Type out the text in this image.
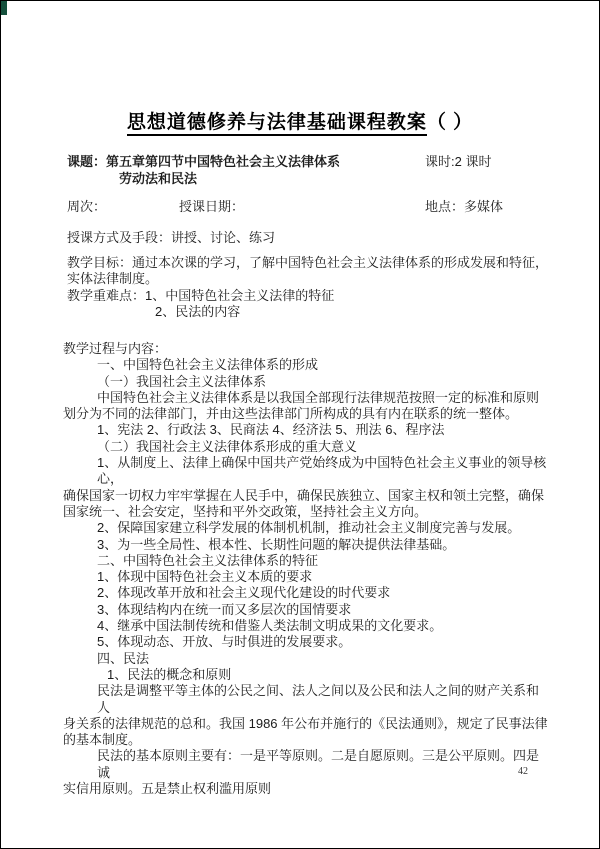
思想道德修养与法律基础课程教案（ ）

课题：第五章第四节中国特色社会主义法律体系

	课时:2 课时

劳动法和民法

周次：

	授课日期：

	地点：多媒体

授课方式及手段：讲授、讨论、练习

教学目标：通过本次课的学习，了解中国特色社会主义法律体系的形成发展和特征，

实体法律制度。

教学重难点：1、中国特色社会主义法律的特征

2、民法的内容

教学过程与内容：

一、中国特色社会主义法律体系的形成

（一）我国社会主义法律体系

中国特色社会主义法律体系是以我国全部现行法律规范按照一定的标准和原则

划分为不同的法律部门，并由这些法律部门所构成的具有内在联系的统一整体。

1、宪法 2、行政法 3、民商法 4、经济法 5、刑法 6、程序法

（二）我国社会主义法律体系形成的重大意义

1、从制度上、法律上确保中国共产党始终成为中国特色社会主义事业的领导核心，

确保国家一切权力牢牢掌握在人民手中，确保民族独立、国家主权和领土完整，确保

国家统一、社会安定，坚持和平外交政策，坚持社会主义方向。

2、保障国家建立科学发展的体制机机制，推动社会主义制度完善与发展。

3、为一些全局性、根本性、长期性问题的解决提供法律基础。

二、中国特色社会主义法律体系的特征

1、体现中国特色社会主义本质的要求

2、体现改革开放和社会主义现代化建设的时代要求

3、体现结构内在统一而又多层次的国情要求

4、继承中国法制传统和借鉴人类法制文明成果的文化要求。

5、体现动态、开放、与时俱进的发展要求。

四、民法

1、民法的概念和原则

民法是调整平等主体的公民之间、法人之间以及公民和法人之间的财产关系和人

身关系的法律规范的总和。我国 1986 年公布并施行的《民法通则》，规定了民事法律

的基本制度。

民法的基本原则主要有：一是平等原则。二是自愿原则。三是公平原则。四是诚

实信用原则。五是禁止权利滥用原则

42
